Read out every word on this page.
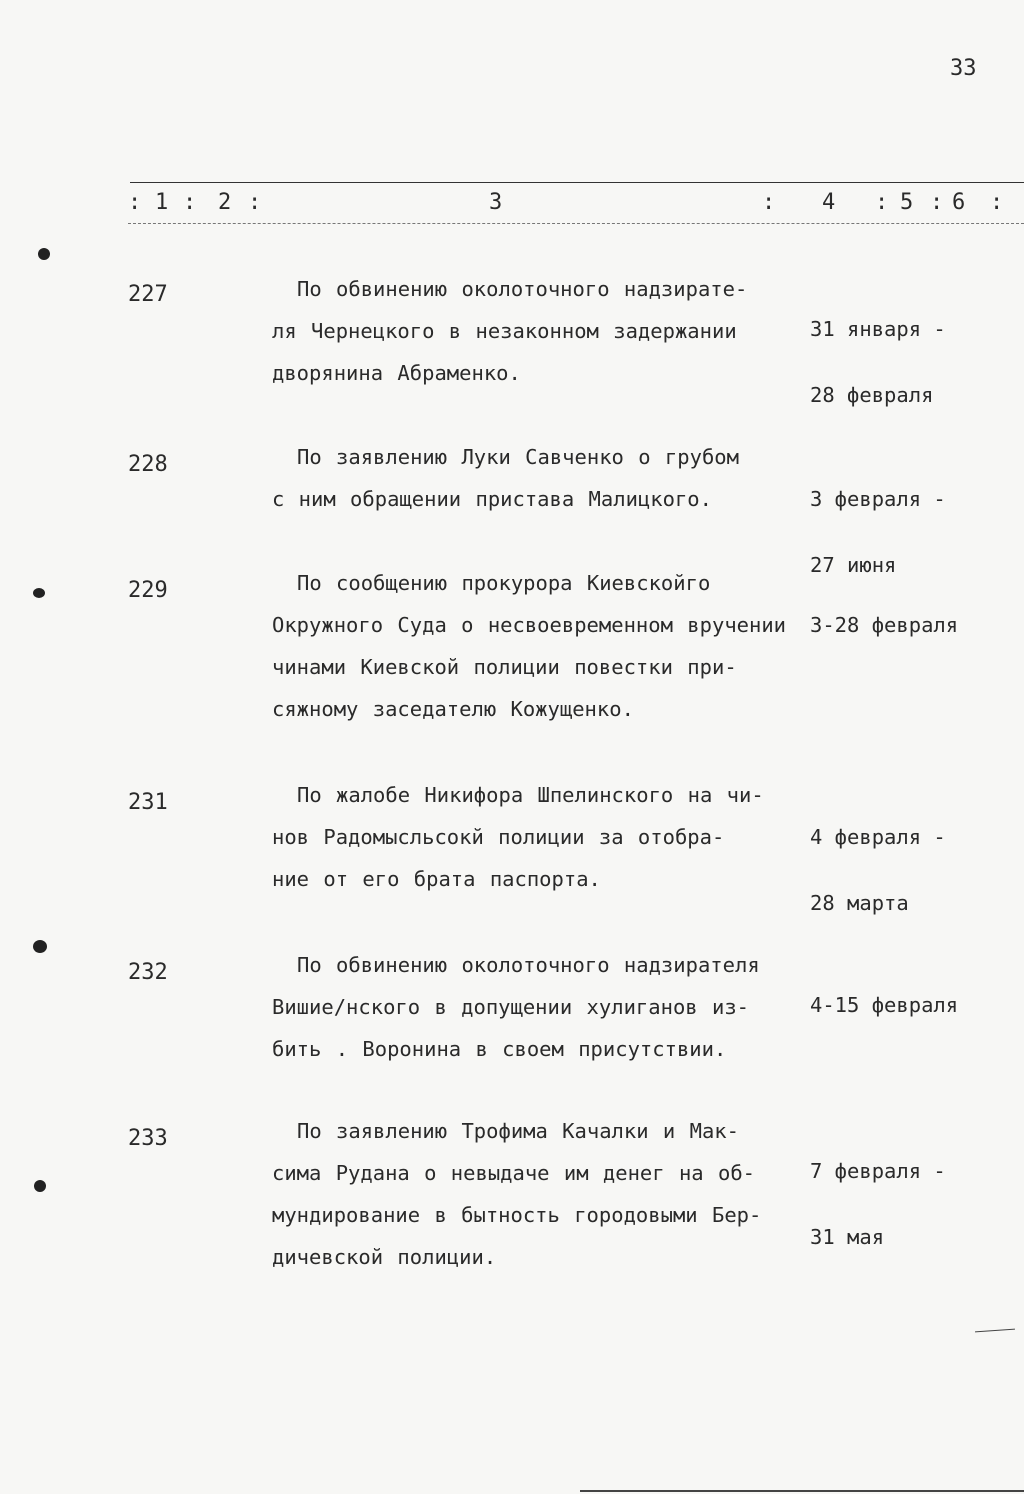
33
: 1 : 2 :	3	: 4 : 5 : 6 :
227	По обвинению околоточного надзирате-
ля Чернецкого в незаконном задержании
дворянина Абраменко.

31 января -

28 февраля

228	По заявлению Луки Савченко о грубом
с ним обращении пристава Малицкого.

	3 февраля -

27 июня

229	По сообщению прокурора Киевскойго
Окружного Суда о несвоевременном вручении
чинами Киевской полиции повестки при-
сяжному заседателю Кожущенко.

3-28 февраля

231	По жалобе Никифора Шпелинского на чи-
нов Радомысльсокй полиции за отобра-
ние от его брата паспорта.

4 февраля -

28 марта

232	По обвинению околоточного надзирателя
Вишие/нского в допущении хулиганов из-
бить . Воронина в своем присутствии.

4-15 февраля

233	По заявлению Трофима Качалки и Мак-
сима Рудана о невыдаче им денег на об-
мундирование в бытность городовыми Бер-
дичевской полиции.

7 февраля -

31 мая
